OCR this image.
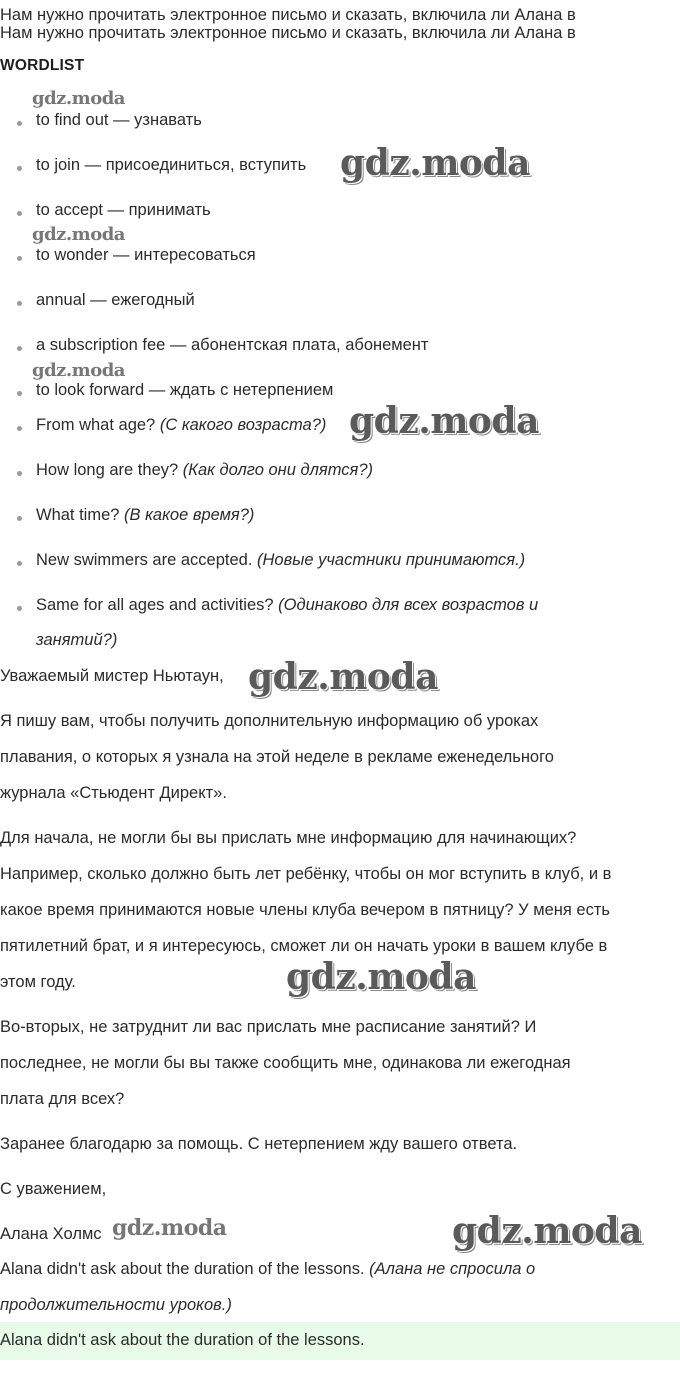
Нам нужно прочитать электронное письмо и сказать, включила ли Алана в
Нам нужно прочитать электронное письмо и сказать, включила ли Алана в
WORDLIST
to find out — узнавать
to join — присоединиться, вступить
to accept — принимать
to wonder — интересоваться
annual — ежегодный
a subscription fee — абонентская плата, абонемент
to look forward — ждать с нетерпением
From what age? (С какого возраста?)
How long are they? (Как долго они длятся?)
What time? (В какое время?)
New swimmers are accepted. (Новые участники принимаются.)
Same for all ages and activities? (Одинаково для всех возрастов и
занятий?)
Уважаемый мистер Ньютаун,
Я пишу вам, чтобы получить дополнительную информацию об уроках
плавания, о которых я узнала на этой неделе в рекламе еженедельного
журнала «Стьюдент Директ».
Для начала, не могли бы вы прислать мне информацию для начинающих?
Например, сколько должно быть лет ребёнку, чтобы он мог вступить в клуб, и в
какое время принимаются новые члены клуба вечером в пятницу? У меня есть
пятилетний брат, и я интересуюсь, сможет ли он начать уроки в вашем клубе в
этом году.
Во-вторых, не затруднит ли вас прислать мне расписание занятий? И
последнее, не могли бы вы также сообщить мне, одинакова ли ежегодная
плата для всех?
Заранее благодарю за помощь. С нетерпением жду вашего ответа.
С уважением,
Алана Холмс
Alana didn't ask about the duration of the lessons. (Алана не спросила о
продолжительности уроков.)
Alana didn't ask about the duration of the lessons.
gdz.moda
gdz.moda
gdz.moda
gdz.moda
gdz.moda
gdz.moda
gdz.moda
gdz.moda	gdz.moda
